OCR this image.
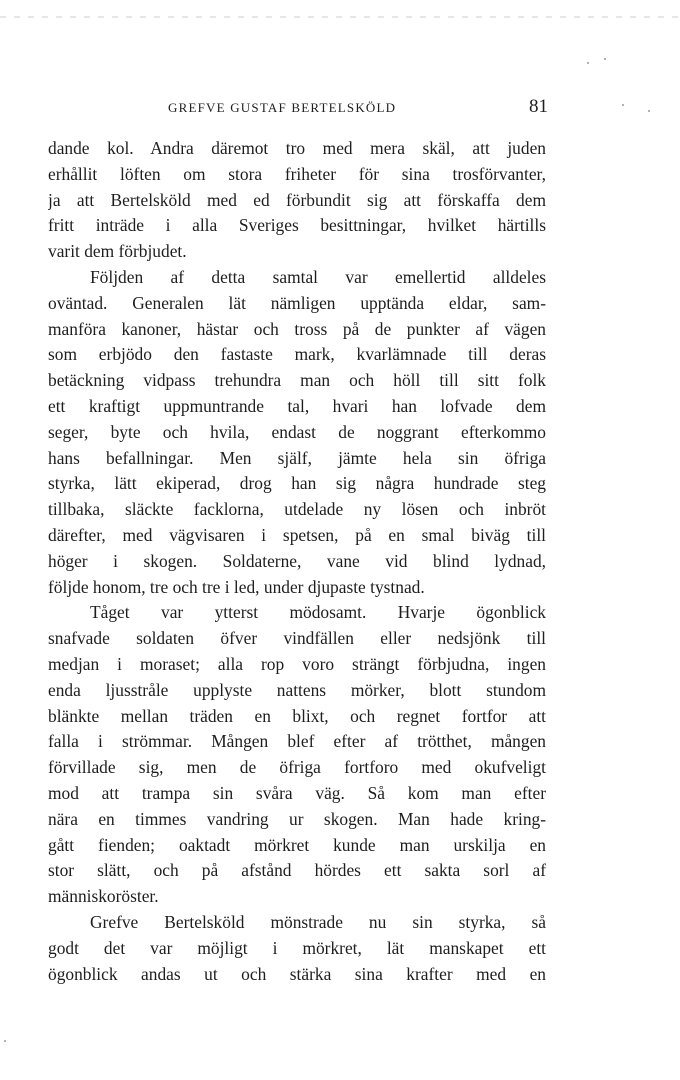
GREFVE GUSTAF BERTELSKÖLD	81
dande kol. Andra däremot tro med mera skäl, att juden
erhållit löften om stora friheter för sina trosförvanter,
ja att Bertelsköld med ed förbundit sig att förskaffa dem
fritt inträde i alla Sveriges besittningar, hvilket härtills
varit dem förbjudet.
Följden af detta samtal var emellertid alldeles
oväntad. Generalen lät nämligen upptända eldar, sam-
manföra kanoner, hästar och tross på de punkter af vägen
som erbjödo den fastaste mark, kvarlämnade till deras
betäckning vidpass trehundra man och höll till sitt folk
ett kraftigt uppmuntrande tal, hvari han lofvade dem
seger, byte och hvila, endast de noggrant efterkommo
hans befallningar. Men själf, jämte hela sin öfriga
styrka, lätt ekiperad, drog han sig några hundrade steg
tillbaka, släckte facklorna, utdelade ny lösen och inbröt
därefter, med vägvisaren i spetsen, på en smal biväg till
höger i skogen. Soldaterne, vane vid blind lydnad,
följde honom, tre och tre i led, under djupaste tystnad.
Tåget var ytterst mödosamt. Hvarje ögonblick
snafvade soldaten öfver vindfällen eller nedsjönk till
medjan i moraset; alla rop voro strängt förbjudna, ingen
enda ljusstråle upplyste nattens mörker, blott stundom
blänkte mellan träden en blixt, och regnet fortfor att
falla i strömmar. Mången blef efter af trötthet, mången
förvillade sig, men de öfriga fortforo med okufveligt
mod att trampa sin svåra väg. Så kom man efter
nära en timmes vandring ur skogen. Man hade kring-
gått fienden; oaktadt mörkret kunde man urskilja en
stor slätt, och på afstånd hördes ett sakta sorl af
människoröster.
Grefve Bertelsköld mönstrade nu sin styrka, så
godt det var möjligt i mörkret, lät manskapet ett
ögonblick andas ut och stärka sina krafter med en
